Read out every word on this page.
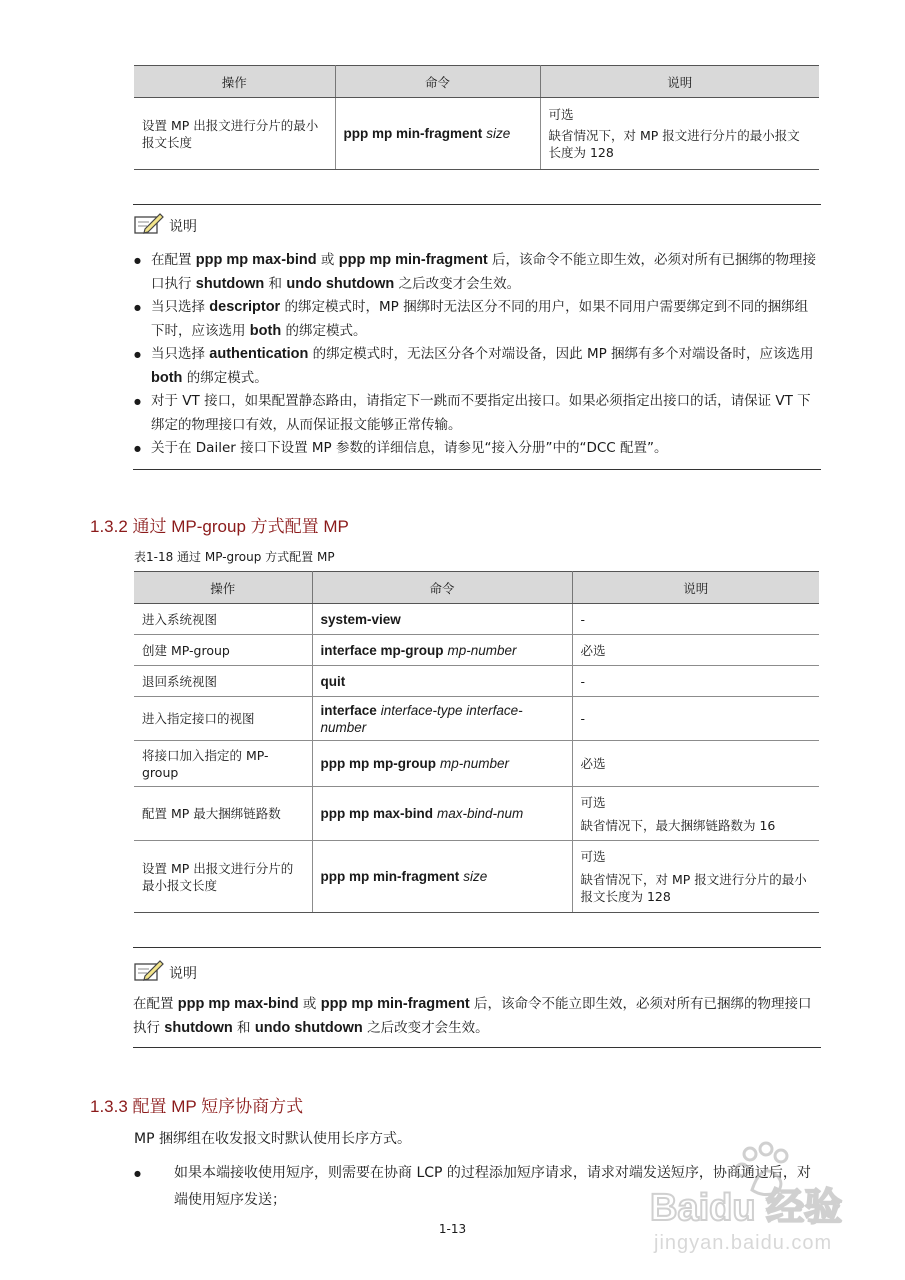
操作	命令	说明
设置 MP 出报文进行分片的最小报文长度	ppp mp min-fragment size	可选
缺省情况下，对 MP 报文进行分片的最小报文长度为 128
说明
● 在配置 ppp mp max-bind 或 ppp mp min-fragment 后，该命令不能立即生效，必须对所有已捆绑的物理接口执行 shutdown 和 undo shutdown 之后改变才会生效。
● 当只选择 descriptor 的绑定模式时，MP 捆绑时无法区分不同的用户，如果不同用户需要绑定到不同的捆绑组下时，应该选用 both 的绑定模式。
● 当只选择 authentication 的绑定模式时，无法区分各个对端设备，因此 MP 捆绑有多个对端设备时，应该选用 both 的绑定模式。
● 对于 VT 接口，如果配置静态路由，请指定下一跳而不要指定出接口。如果必须指定出接口的话，请保证 VT 下绑定的物理接口有效，从而保证报文能够正常传输。
● 关于在 Dailer 接口下设置 MP 参数的详细信息，请参见“接入分册”中的“DCC 配置”。
1.3.2 通过 MP-group 方式配置 MP
表1-18 通过 MP-group 方式配置 MP
操作	命令	说明
进入系统视图	system-view	-

创建 MP-group	interface mp-group mp-number	必选

退回系统视图	quit	-

进入指定接口的视图	interface interface-type interface-number	-

将接口加入指定的 MP-group	ppp mp mp-group mp-number	必选

配置 MP 最大捆绑链路数	ppp mp max-bind max-bind-num	可选
缺省情况下，最大捆绑链路数为 16

设置 MP 出报文进行分片的最小报文长度	ppp mp min-fragment size	可选
缺省情况下，对 MP 报文进行分片的最小报文长度为 128
说明
在配置 ppp mp max-bind 或 ppp mp min-fragment 后，该命令不能立即生效，必须对所有已捆绑的物理接口执行 shutdown 和 undo shutdown 之后改变才会生效。
1.3.3 配置 MP 短序协商方式
MP 捆绑组在收发报文时默认使用长序方式。
● 如果本端接收使用短序，则需要在协商 LCP 的过程添加短序请求，请求对端发送短序，协商通过后，对端使用短序发送；
1-13	Baidu 经验
jingyan.baidu.com
